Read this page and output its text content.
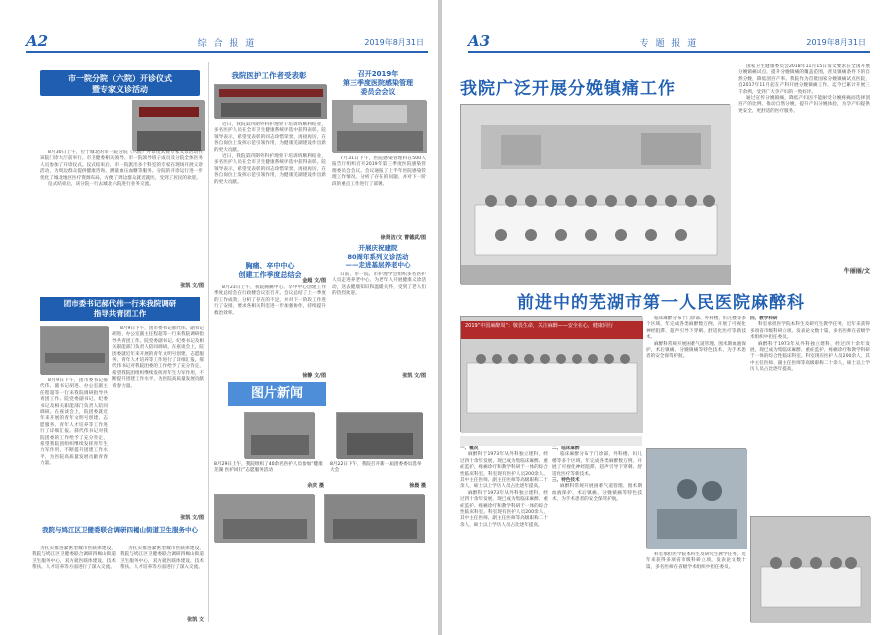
A2	综 合 报 道	2019年8月31日
市一院分院（六院）开诊仪式
暨专家义诊活动

8月30日上午，位于城北的市一院分院（六院）开诊仪式暨专家义诊活动在该院门诊大厅前举行。市卫健委相关领导、市一院领导班子成员及分院全体医务人员参加了开诊仪式。仪式结束后，市一院派出多个科室的专家在现场开展义诊活动，为周边群众提供健康咨询、测量血压血糖等服务。分院的开诊运行进一步优化了城北地区医疗资源布局，方便了周边群众就近就医，受到了居民的欢迎。

仪式结束后，该分院一行去城北六院进行业务交流。

张凯 文/图
团市委书记郝代伟一行来我院调研
指导共青团工作

8月9日下午，团市委书记郝代伟、副书记胡进、办公室副主任程超等一行来我院调研指导共青团工作。院党委副书记、纪委书记及相关职能部门负责人陪同调研。在座谈会上，院团委就近年来开展的青年文明号创建、志愿服务、青年人才培养等工作进行了详细汇报。郝代伟书记对我院团委的工作给予了充分肯定，希望我院团组织继续发挥青年生力军作用，不断提升团建工作水平，为医院高质量发展贡献青春力量。

8月9日下午，团市委书记郝代伟、副书记胡进、办公室副主任程超等一行来我院调研指导共青团工作。院党委副书记、纪委书记及相关职能部门负责人陪同调研。在座谈会上，院团委就近年来开展的青年文明号创建、志愿服务、青年人才培养等工作进行了详细汇报。郝代伟书记对我院团委的工作给予了充分肯定，希望我院团组织继续发挥青年生力军作用，不断提升团建工作水平，为医院高质量发展贡献青春力量。

张凯 文/图
我院与鸠江区卫健委联合调研四褐山街道卫生服务中心

为扎实推进紧密型城市医联体建设，我院与鸠江区卫健委联合调研四褐山街道卫生服务中心，双方就医联体建设、技术帮扶、人才培养等方面进行了深入交流。

为扎实推进紧密型城市医联体建设，我院与鸠江区卫健委联合调研四褐山街道卫生服务中心，双方就医联体建设、技术帮扶、人才培养等方面进行了深入交流。

张凯 文
我院医护工作者受表彰

近日，我院第四期外科护理骨干培训班顺利结业，多名医护人员在全市卫生健康系统评选中获得表彰。院领导表示，希望受表彰的同志珍惜荣誉、再接再厉，在各自岗位上发挥示范引领作用，为健康芜湖建设作出新的更大贡献。

近日，我院第四期外科护理骨干培训班顺利结业，多名医护人员在全市卫生健康系统评选中获得表彰。院领导表示，希望受表彰的同志珍惜荣誉、再接再厉，在各自岗位上发挥示范引领作用，为健康芜湖建设作出新的更大贡献。

金超 文/图
胸痛、卒中中心
创建工作季度总结会

8月23日上午，我院胸痛中心、卒中中心创建工作季度总结会在行政楼会议室召开。会议总结了上一季度的工作成效，分析了存在的不足，并对下一阶段工作进行了安排，要求各相关科室进一步加强协作，持续提升救治效率。

徐静 文/图
召开2019年
第三季度医院感染管理
委员会会议

7月31日下午，医院感染管理科在500人报告厅组织召开2019年第三季度医院感染管理委员会会议。会议通报了上半年医院感染管理工作情况，分析了存在的问题，并对下一阶段的重点工作进行了部署。

徐贤洁/文 曹德武/图
开展庆祝建院
80周年系列义诊活动
——走进基层养老中心

日前，市一院、市护理学会组织多名医护人员走进养老中心，为老年人开展健康义诊活动，送去健康知识和温暖关怀，受到了老人们的热烈欢迎。

张凯 文/图
图片新闻
8月29日上午，我院组织了40余名医护人员参加“健康芜湖 医护同行”志愿服务活动
余庆 摄
8月22日下午，我院召开新一届团委委员选举大会
徐晨 摄
A3	专 题 报 道	2019年8月31日
我院广泛开展分娩镇痛工作

国家卫生健康委员会2018年11月15日发文要求在全国开展分娩镇痛试点，提升分娩镇痛的覆盖范围，普及镇痛条件下的自然分娩，降低剖宫产率。我院作为首批国家分娩镇痛试点医院，自2017年11月起在产科开展分娩镇痛工作，迄今已累计开展三千余例，受到广大孕产妇的一致好评。

通过宣传分娩镇痛，降低产妇因不能耐受分娩疼痛而选择剖宫产的比例，推动自然分娩，提升产妇分娩体验，为孕产妇提供更安全、更舒适的医疗服务。

牛丽丽/文
前进中的芜湖市第一人民医院麻醉科
2019“中国麻醉周”：敬畏生命，关注麻醉——安全在心，健康同行

一、概况

麻醉科于1973年从外科独立建科，经过四十余年发展，现已成为集临床麻醉、重症监护、疼痛诊疗和教学科研于一体的综合性临床科室。科室现有医护人员200余人，其中主任医师、副主任医师等高级职称二十余人，硕士以上学历人员占比逐年提高。

麻醉科于1973年从外科独立建科，经过四十余年发展，现已成为集临床麻醉、重症监护、疼痛诊疗和教学科研于一体的综合性临床科室。科室现有医护人员200余人，其中主任医师、副主任医师等高级职称二十余人，硕士以上学历人员占比逐年提高。

二、临床麻醉

临床麻醉分布于门诊部、外科楼、妇儿楼等多个区域，年完成各类麻醉数万例，开展了可视化神经阻滞、超声引导下穿刺、舒适化医疗等新技术。

三、特色技术

麻醉科常规开展困难气道管理、围术期血液保护、术后镇痛、分娩镇痛等特色技术，为手术患者的安全保驾护航。

临床麻醉分布于门诊部、外科楼、妇儿楼等多个区域，年完成各类麻醉数万例，开展了可视化神经阻滞、超声引导下穿刺、舒适化医疗等新技术。

麻醉科常规开展困难气道管理、围术期血液保护、术后镇痛、分娩镇痛等特色技术，为手术患者的安全保驾护航。

科室承担医学院本科生及研究生教学任务，近年来获得多项省市级科研立项，发表论文数十篇，多名医师在省级学术组织中担任委员。

四、教学科研

科室承担医学院本科生及研究生教学任务，近年来获得多项省市级科研立项，发表论文数十篇，多名医师在省级学术组织中担任委员。

麻醉科于1973年从外科独立建科，经过四十余年发展，现已成为集临床麻醉、重症监护、疼痛诊疗和教学科研于一体的综合性临床科室。科室现有医护人员200余人，其中主任医师、副主任医师等高级职称二十余人，硕士以上学历人员占比逐年提高。
